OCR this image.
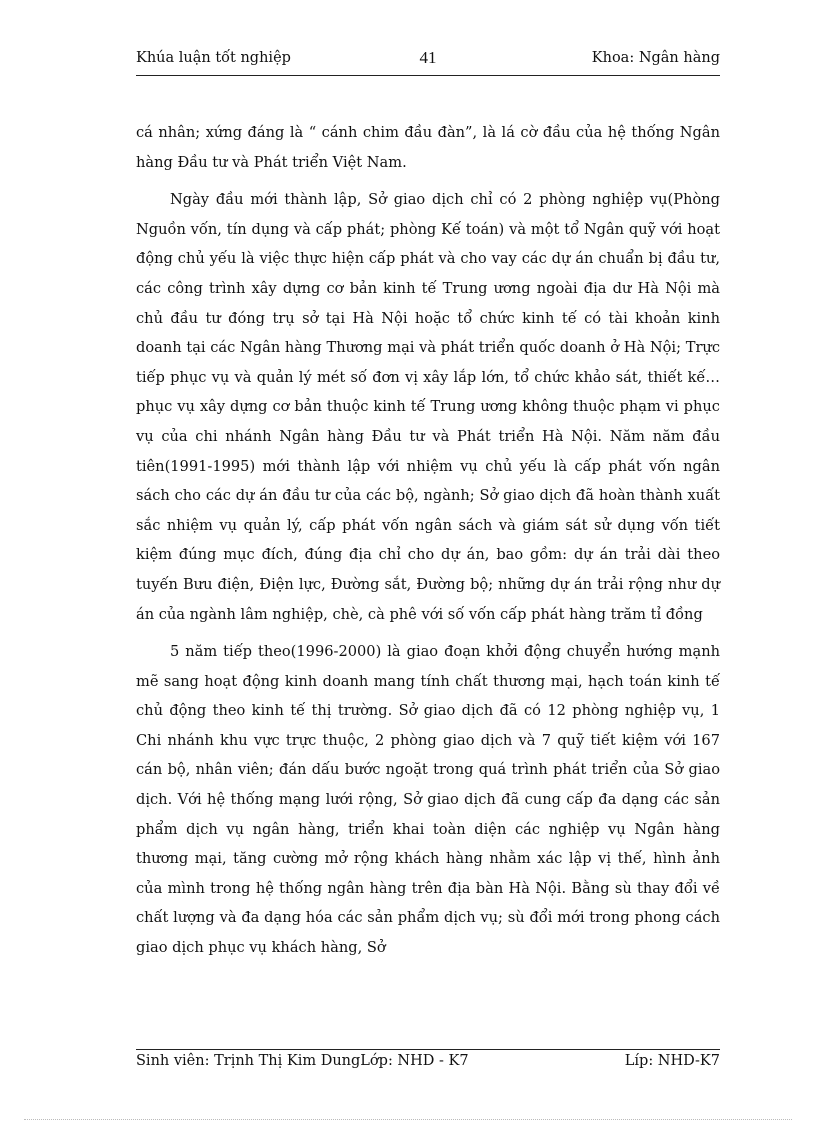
Khúa luận tốt nghiệp	41	Khoa: Ngân hàng

cá nhân; xứng đáng là “ cánh chim đầu đàn”, là lá cờ đầu của hệ thống Ngân hàng Đầu tư và Phát triển Việt Nam.

Ngày đầu mới thành lập, Sở giao dịch chỉ có 2 phòng nghiệp vụ(Phòng Nguồn vốn, tín dụng và cấp phát; phòng Kế toán) và một tổ Ngân quỹ với hoạt động chủ yếu là việc thực hiện cấp phát và cho vay các dự án chuẩn bị đầu tư, các công trình xây dựng cơ bản kinh tế Trung ương ngoài địa dư Hà Nội mà chủ đầu tư đóng trụ sở tại Hà Nội hoặc tổ chức kinh tế có tài khoản kinh doanh tại các Ngân hàng Thương mại và phát triển quốc doanh ở Hà Nội; Trực tiếp phục vụ và quản lý mét số đơn vị xây lắp lớn, tổ chức khảo sát, thiết kế… phục vụ xây dựng cơ bản thuộc kinh tế Trung ương không thuộc phạm vi phục vụ của chi nhánh Ngân hàng Đầu tư và Phát triển Hà Nội. Năm năm đầu tiên(1991-1995) mới thành lập với nhiệm vụ chủ yếu là cấp phát vốn ngân sách cho các dự án đầu tư của các bộ, ngành; Sở giao dịch đã hoàn thành xuất sắc nhiệm vụ quản lý, cấp phát vốn ngân sách và giám sát sử dụng vốn tiết kiệm đúng mục đích, đúng địa chỉ cho dự án, bao gồm: dự án trải dài theo tuyến Bưu điện, Điện lực, Đường sắt, Đường bộ; những dự án trải rộng như dự án của ngành lâm nghiệp, chè, cà phê với số vốn cấp phát hàng trăm tỉ đồng

5 năm tiếp theo(1996-2000) là giao đoạn khởi động chuyển hướng mạnh mẽ sang hoạt động kinh doanh mang tính chất thương mại, hạch toán kinh tế chủ động theo kinh tế thị trường. Sở giao dịch đã có 12 phòng nghiệp vụ, 1 Chi nhánh khu vực trực thuộc, 2 phòng giao dịch và 7 quỹ tiết kiệm với 167 cán bộ, nhân viên; đán dấu bước ngoặt trong quá trình phát triển của Sở giao dịch. Với hệ thống mạng lưới rộng, Sở giao dịch đã cung cấp đa dạng các sản phẩm dịch vụ ngân hàng, triển khai toàn diện các nghiệp vụ Ngân hàng thương mại, tăng cường mở rộng khách hàng nhằm xác lập vị thế, hình ảnh của mình trong hệ thống ngân hàng trên địa bàn Hà Nội. Bằng sù thay đổi về chất lượng và đa dạng hóa các sản phẩm dịch vụ; sù đổi mới trong phong cách giao dịch phục vụ khách hàng, Sở

Sinh viên: Trịnh Thị Kim DungLớp: NHD - K7	Líp: NHD-K7
